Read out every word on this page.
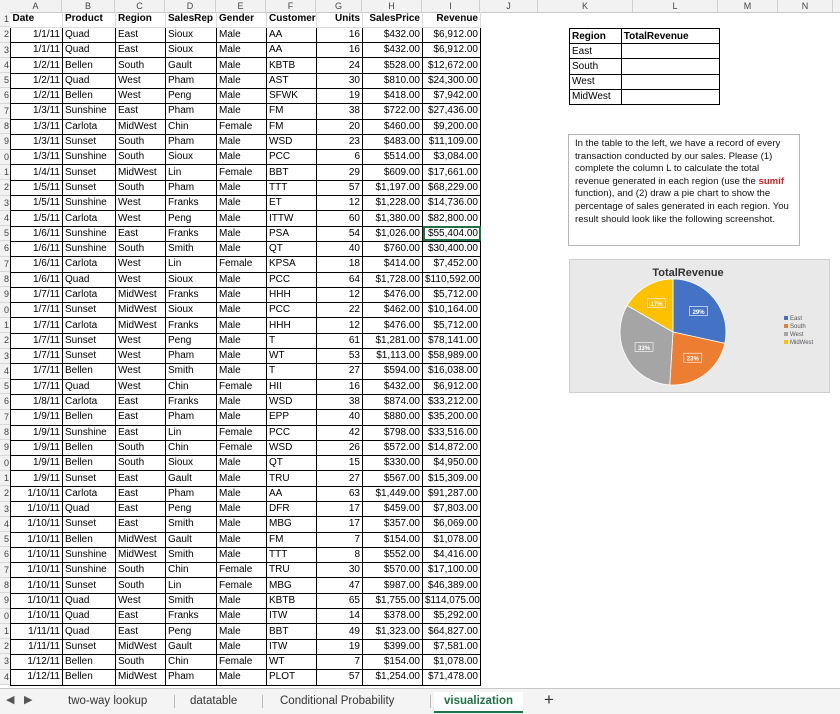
A	B	C	D	E	F	G	H	I	J	K	L	M	N
1
2
3
4
5
6
7
8
9
0
1
2
3
4
5
6
7
8
9
0
1
2
3
4
5
6
7
8
9
0
1
2
3
4
5
6
7
8
9
0
1
2
3
4
Date	Product	Region	SalesRep	Gender	Customer	Units	SalesPrice	Revenue
1/1/11	Quad	East	Sioux	Male	AA	16	$432.00	$6,912.00
1/1/11	Quad	East	Sioux	Male	AA	16	$432.00	$6,912.00
1/2/11	Bellen	South	Gault	Male	KBTB	24	$528.00	$12,672.00
1/2/11	Quad	West	Pham	Male	AST	30	$810.00	$24,300.00
1/2/11	Bellen	West	Peng	Male	SFWK	19	$418.00	$7,942.00
1/3/11	Sunshine	East	Pham	Male	FM	38	$722.00	$27,436.00
1/3/11	Carlota	MidWest	Chin	Female	FM	20	$460.00	$9,200.00
1/3/11	Sunset	South	Pham	Male	WSD	23	$483.00	$11,109.00
1/3/11	Sunshine	South	Sioux	Male	PCC	6	$514.00	$3,084.00
1/4/11	Sunset	MidWest	Lin	Female	BBT	29	$609.00	$17,661.00
1/5/11	Sunset	South	Pham	Male	TTT	57	$1,197.00	$68,229.00
1/5/11	Sunshine	West	Franks	Male	ET	12	$1,228.00	$14,736.00
1/5/11	Carlota	West	Peng	Male	ITTW	60	$1,380.00	$82,800.00
1/6/11	Sunshine	East	Franks	Male	PSA	54	$1,026.00	$55,404.00
1/6/11	Sunshine	South	Smith	Male	QT	40	$760.00	$30,400.00
1/6/11	Carlota	West	Lin	Female	KPSA	18	$414.00	$7,452.00
1/6/11	Quad	West	Sioux	Male	PCC	64	$1,728.00	$110,592.00
1/7/11	Carlota	MidWest	Franks	Male	HHH	12	$476.00	$5,712.00
1/7/11	Sunset	MidWest	Sioux	Male	PCC	22	$462.00	$10,164.00
1/7/11	Carlota	MidWest	Franks	Male	HHH	12	$476.00	$5,712.00
1/7/11	Sunset	West	Peng	Male	T	61	$1,281.00	$78,141.00
1/7/11	Sunset	West	Pham	Male	WT	53	$1,113.00	$58,989.00
1/7/11	Bellen	West	Smith	Male	T	27	$594.00	$16,038.00
1/7/11	Quad	West	Chin	Female	HII	16	$432.00	$6,912.00
1/8/11	Carlota	East	Franks	Male	WSD	38	$874.00	$33,212.00
1/9/11	Bellen	East	Pham	Male	EPP	40	$880.00	$35,200.00
1/9/11	Sunshine	East	Lin	Female	PCC	42	$798.00	$33,516.00
1/9/11	Bellen	South	Chin	Female	WSD	26	$572.00	$14,872.00
1/9/11	Bellen	South	Sioux	Male	QT	15	$330.00	$4,950.00
1/9/11	Sunset	East	Gault	Male	TRU	27	$567.00	$15,309.00
1/10/11	Carlota	East	Pham	Male	AA	63	$1,449.00	$91,287.00
1/10/11	Quad	East	Peng	Male	DFR	17	$459.00	$7,803.00
1/10/11	Sunset	East	Smith	Male	MBG	17	$357.00	$6,069.00
1/10/11	Bellen	MidWest	Gault	Male	FM	7	$154.00	$1,078.00
1/10/11	Sunshine	MidWest	Smith	Male	TTT	8	$552.00	$4,416.00
1/10/11	Sunshine	South	Chin	Female	TRU	30	$570.00	$17,100.00
1/10/11	Sunset	South	Lin	Female	MBG	47	$987.00	$46,389.00
1/10/11	Quad	West	Smith	Male	KBTB	65	$1,755.00	$114,075.00
1/10/11	Quad	East	Franks	Male	ITW	14	$378.00	$5,292.00
1/11/11	Quad	East	Peng	Male	BBT	49	$1,323.00	$64,827.00
1/11/11	Sunset	MidWest	Gault	Male	ITW	19	$399.00	$7,581.00
1/12/11	Bellen	South	Chin	Female	WT	7	$154.00	$1,078.00
1/12/11	Bellen	MidWest	Pham	Male	PLOT	57	$1,254.00	$71,478.00
Region	TotalRevenue
East	
South	
West	
MidWest	
In the table to the left, we have a record of every transaction conducted by our sales. Please (1) complete the column L to calculate the total revenue generated in each region (use the sumif function), and (2) draw a pie chart to show the percentage of sales generated in each region. You result should look like the following screenshot.
TotalRevenue
29%
23%
33%
17%
East
South
West
MidWest
◀ ▶	two-way lookup	datatable	Conditional Probability	visualization	+
